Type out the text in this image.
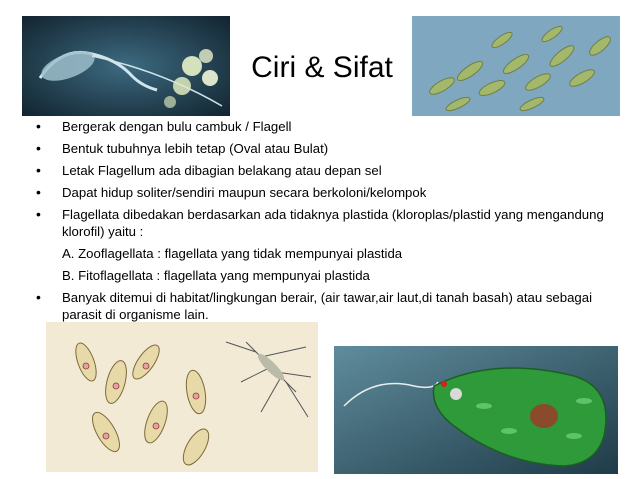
Ciri & Sifat
• Bergerak dengan bulu cambuk / Flagell
• Bentuk tubuhnya lebih tetap (Oval atau Bulat)
• Letak Flagellum ada dibagian belakang atau depan sel
• Dapat hidup soliter/sendiri maupun secara berkoloni/kelompok
• Flagellata dibedakan berdasarkan ada tidaknya plastida (kloroplas/plastid yang mengandung klorofil) yaitu :
A. Zooflagellata : flagellata yang tidak mempunyai plastida
B. Fitoflagellata : flagellata yang mempunyai plastida
• Banyak ditemui di habitat/lingkungan berair, (air tawar,air laut,di tanah basah) atau sebagai parasit di organisme lain.
